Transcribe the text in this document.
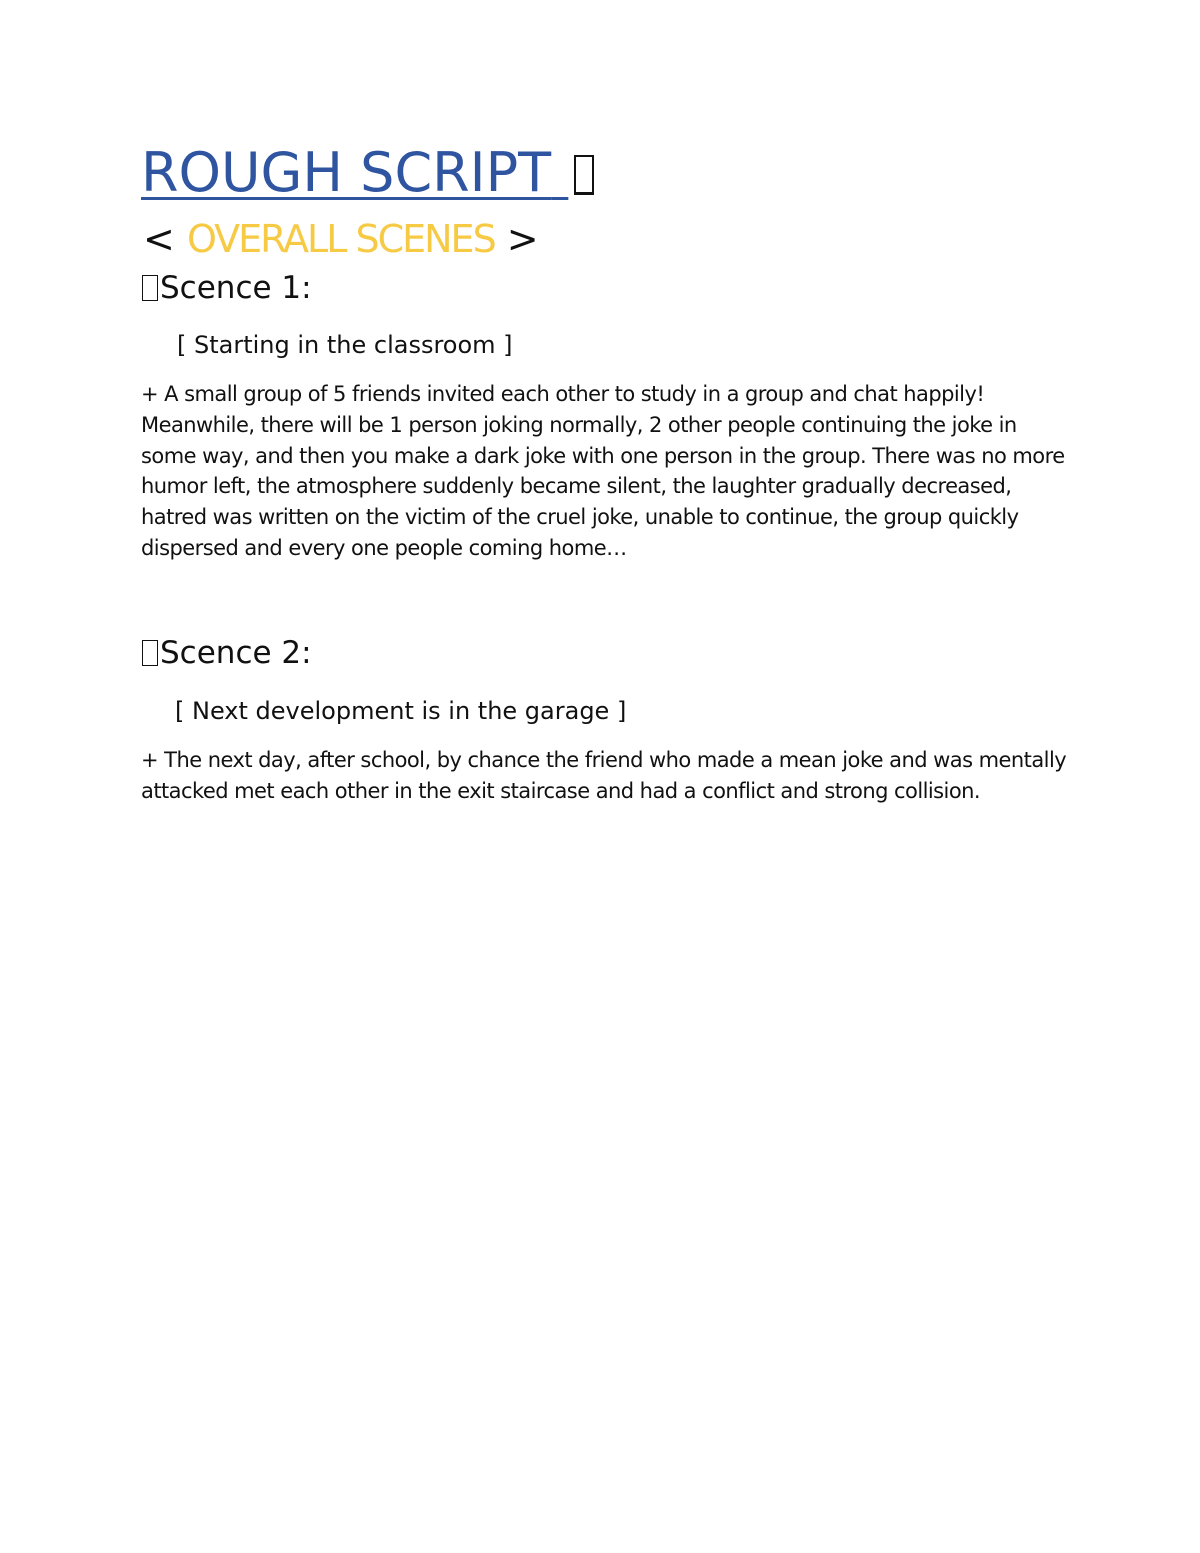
ROUGH SCRIPT
< OVERALL SCENES >
Scence 1:

[ Starting in the classroom ]

+ A small group of 5 friends invited each other to study in a group and chat happily! Meanwhile, there will be 1 person joking normally, 2 other people continuing the joke in some way, and then you make a dark joke with one person in the group. There was no more humor left, the atmosphere suddenly became silent, the laughter gradually decreased, hatred was written on the victim of the cruel joke, unable to continue, the group quickly dispersed and every one people coming home…

Scence 2:

[ Next development is in the garage ]

+ The next day, after school, by chance the friend who made a mean joke and was mentally attacked met each other in the exit staircase and had a conflict and strong collision.
